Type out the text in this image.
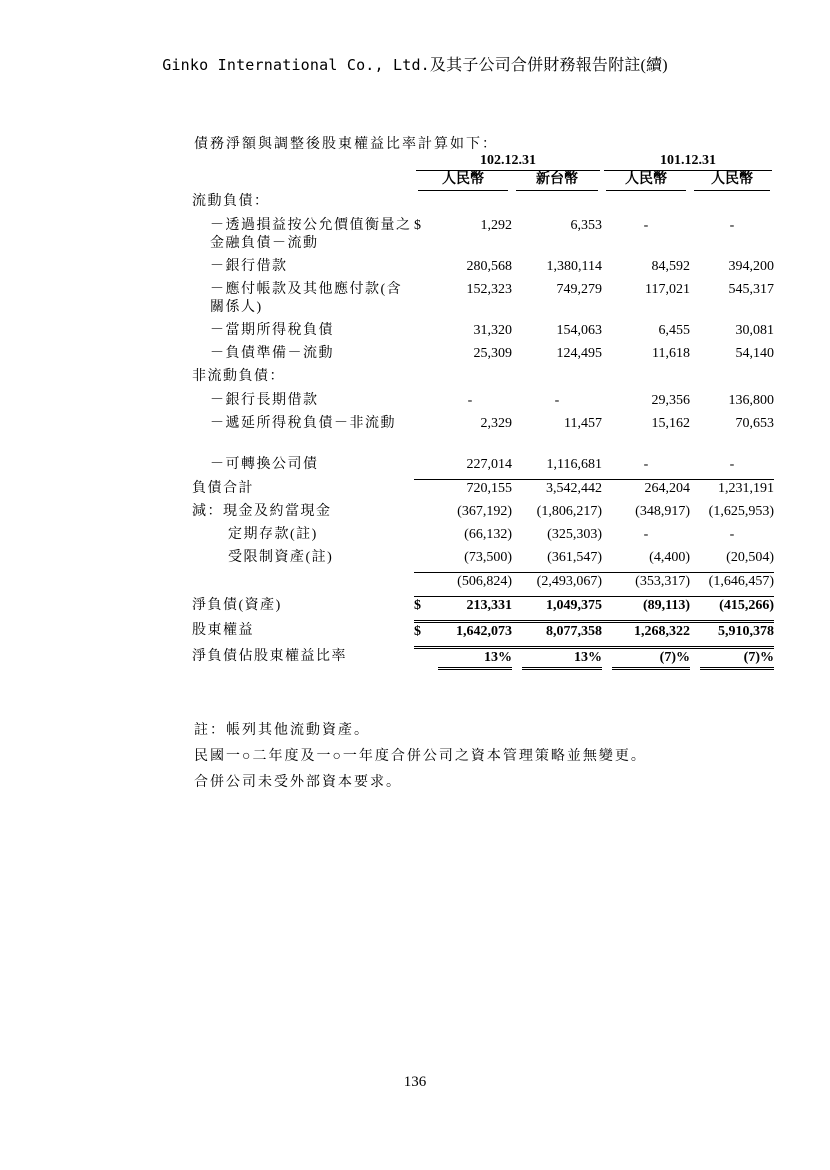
Ginko International Co., Ltd.及其子公司合併財務報告附註(續)
債務淨額與調整後股東權益比率計算如下：

	102.12.31			101.12.31	

	人民幣		新台幣	人民幣	人民幣

流動負債：					
－透過損益按公允價值衡量之金融負債－流動	$	1,292	6,353	-	-
－銀行借款		280,568	1,380,114	84,592	394,200
－應付帳款及其他應付款(含關係人)		152,323	749,279	117,021	545,317
－當期所得稅負債		31,320	154,063	6,455	30,081
－負債準備－流動		25,309	124,495	11,618	54,140
非流動負債：					
－銀行長期借款		-	-	29,356	136,800
－遞延所得稅負債－非流動		2,329	11,457	15,162	70,653
－可轉換公司債		227,014	1,116,681	-	-
負債合計		720,155	3,542,442	264,204	1,231,191
減：現金及約當現金		(367,192)	(1,806,217)	(348,917)	(1,625,953)
定期存款(註)		(66,132)	(325,303)	-	-
受限制資產(註)		(73,500)	(361,547)	(4,400)	(20,504)
		(506,824)	(2,493,067)	(353,317)	(1,646,457)
淨負債(資產)	$	213,331	1,049,375	(89,113)	(415,266)
股東權益	$	1,642,073	8,077,358	1,268,322	5,910,378
淨負債佔股東權益比率		13%	13%	(7)%	(7)%
註：帳列其他流動資產。
民國一○二年度及一○一年度合併公司之資本管理策略並無變更。
合併公司未受外部資本要求。
136
